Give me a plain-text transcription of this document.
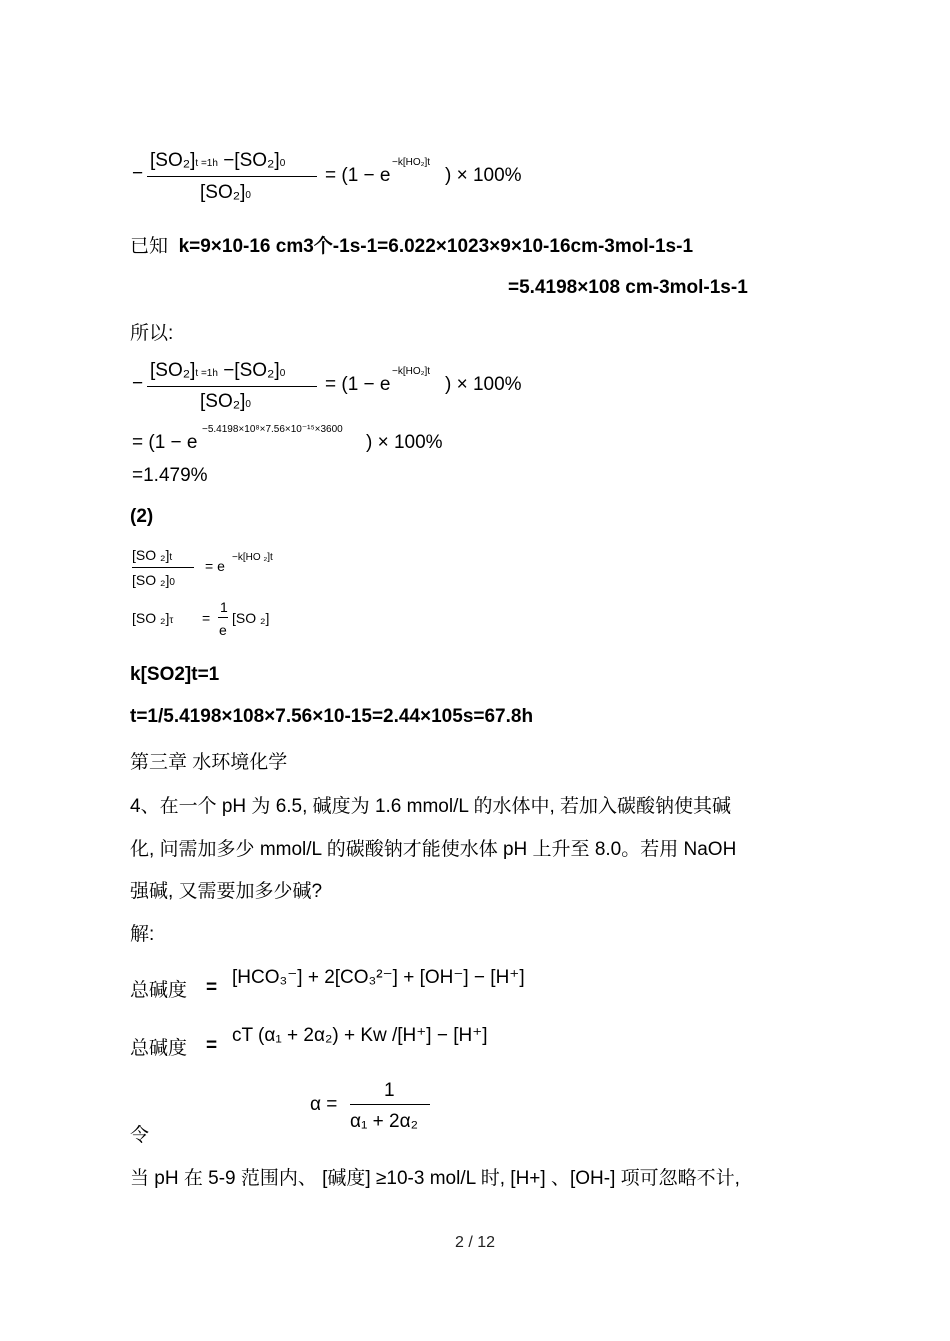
−
[SO₂]t =1h −[SO₂]0
[SO₂]0
= (1 − e
−k[HO₂]t
) × 100%
已知 k=9×10-16 cm3个-1s-1=6.022×1023×9×10-16cm-3mol-1s-1
=5.4198×108 cm-3mol-1s-1
所以:
−
[SO₂]t =1h −[SO₂]0
[SO₂]0
= (1 − e
−k[HO₂]t
) × 100%
= (1 − e
−5.4198×10⁸×7.56×10⁻¹⁵×3600
) × 100%
=1.479%
(2)
[SO ₂]t
[SO ₂]0
= e
−k[HO ₂]t
[SO ₂]τ =
1
e
[SO ₂]
k[SO2]t=1
t=1/5.4198×108×7.56×10-15=2.44×105s=67.8h
第三章 水环境化学
4、在一个 pH 为 6.5, 碱度为 1.6 mmol/L 的水体中, 若加入碳酸钠使其碱
化, 问需加多少 mmol/L 的碳酸钠才能使水体 pH 上升至 8.0。若用 NaOH
强碱, 又需要加多少碱?
解:
总碱度 = [HCO₃⁻] + 2[CO₃²⁻] + [OH⁻] − [H⁺]
总碱度 = cT (α₁ + 2α₂) + Kw /[H⁺] − [H⁺]
令
α =
1
α₁ + 2α₂
当 pH 在 5-9 范围内、 [碱度] ≥10-3 mol/L 时, [H+] 、[OH-] 项可忽略不计,
2 / 12
